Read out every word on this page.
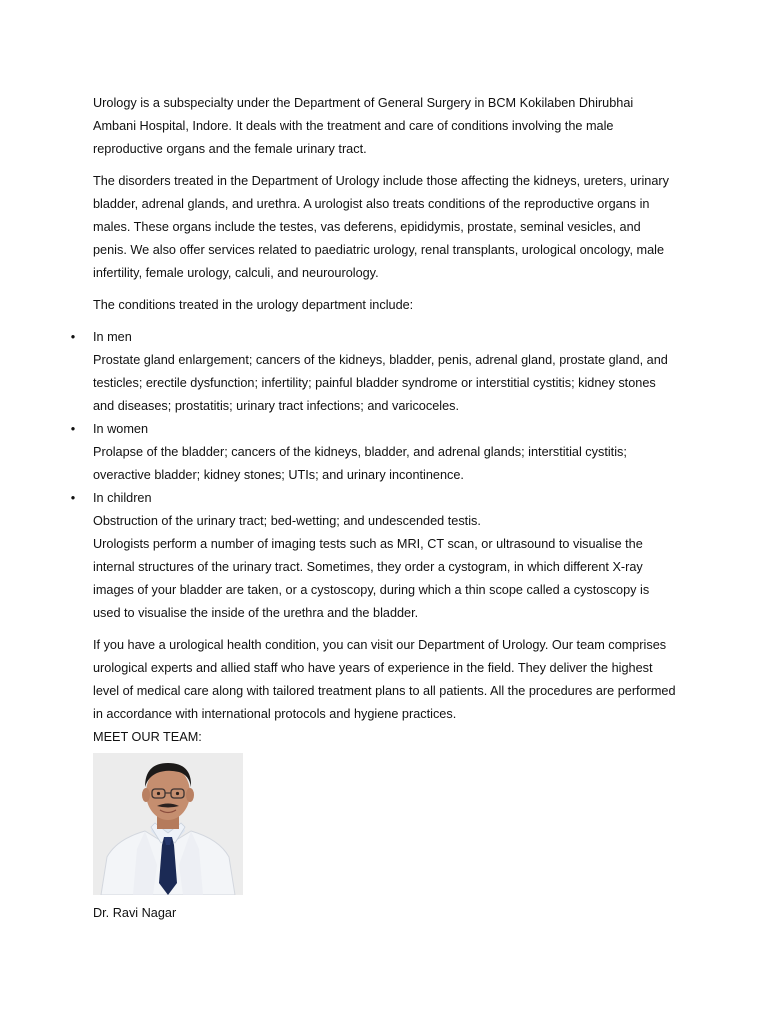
Urology is a subspecialty under the Department of General Surgery in BCM Kokilaben Dhirubhai Ambani Hospital, Indore. It deals with the treatment and care of conditions involving the male reproductive organs and the female urinary tract.

The disorders treated in the Department of Urology include those affecting the kidneys, ureters, urinary bladder, adrenal glands, and urethra. A urologist also treats conditions of the reproductive organs in males. These organs include the testes, vas deferens, epididymis, prostate, seminal vesicles, and penis. We also offer services related to paediatric urology, renal transplants, urological oncology, male infertility, female urology, calculi, and neurourology.

The conditions treated in the urology department include:

• In men
Prostate gland enlargement; cancers of the kidneys, bladder, penis, adrenal gland, prostate gland, and testicles; erectile dysfunction; infertility; painful bladder syndrome or interstitial cystitis; kidney stones and diseases; prostatitis; urinary tract infections; and varicoceles.
• In women
Prolapse of the bladder; cancers of the kidneys, bladder, and adrenal glands; interstitial cystitis; overactive bladder; kidney stones; UTIs; and urinary incontinence.
• In children
Obstruction of the urinary tract; bed-wetting; and undescended testis.
Urologists perform a number of imaging tests such as MRI, CT scan, or ultrasound to visualise the internal structures of the urinary tract. Sometimes, they order a cystogram, in which different X-ray images of your bladder are taken, or a cystoscopy, during which a thin scope called a cystoscopy is used to visualise the inside of the urethra and the bladder.

If you have a urological health condition, you can visit our Department of Urology. Our team comprises urological experts and allied staff who have years of experience in the field. They deliver the highest level of medical care along with tailored treatment plans to all patients. All the procedures are performed in accordance with international protocols and hygiene practices.

MEET OUR TEAM:

Dr. Ravi Nagar
